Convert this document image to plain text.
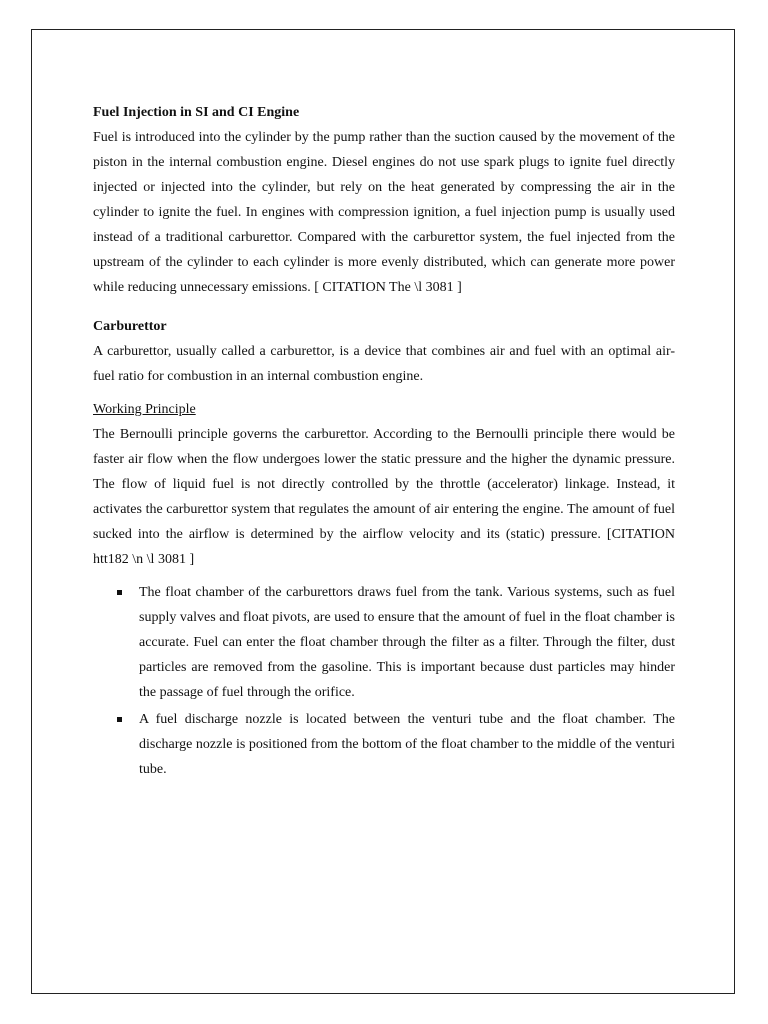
Fuel Injection in SI and CI Engine

Fuel is introduced into the cylinder by the pump rather than the suction caused by the movement of the piston in the internal combustion engine. Diesel engines do not use spark plugs to ignite fuel directly injected or injected into the cylinder, but rely on the heat generated by compressing the air in the cylinder to ignite the fuel. In engines with compression ignition, a fuel injection pump is usually used instead of a traditional carburettor. Compared with the carburettor system, the fuel injected from the upstream of the cylinder to each cylinder is more evenly distributed, which can generate more power while reducing unnecessary emissions. [ CITATION The \l 3081 ]

Carburettor

A carburettor, usually called a carburettor, is a device that combines air and fuel with an optimal air-fuel ratio for combustion in an internal combustion engine.

Working Principle

The Bernoulli principle governs the carburettor. According to the Bernoulli principle there would be faster air flow when the flow undergoes lower the static pressure and the higher the dynamic pressure. The flow of liquid fuel is not directly controlled by the throttle (accelerator) linkage. Instead, it activates the carburettor system that regulates the amount of air entering the engine. The amount of fuel sucked into the airflow is determined by the airflow velocity and its (static) pressure. [CITATION htt182 \n \l 3081 ]

The float chamber of the carburettors draws fuel from the tank. Various systems, such as fuel supply valves and float pivots, are used to ensure that the amount of fuel in the float chamber is accurate. Fuel can enter the float chamber through the filter as a filter. Through the filter, dust particles are removed from the gasoline. This is important because dust particles may hinder the passage of fuel through the orifice.
A fuel discharge nozzle is located between the venturi tube and the float chamber. The discharge nozzle is positioned from the bottom of the float chamber to the middle of the venturi tube.
